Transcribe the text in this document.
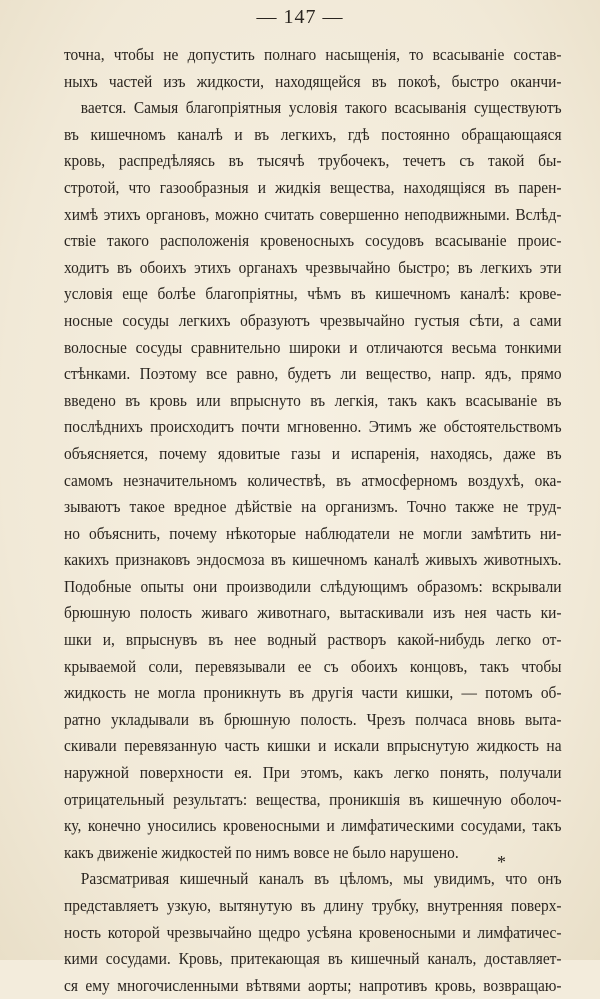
— 147 —
точна, чтобы не допустить полнаго насыщенія, то всасываніе состав-
ныхъ частей изъ жидкости, находящейся въ покоѣ, быстро оканчи-
вается. Самыя благопріятныя условія такого всасыванія существуютъ
въ кишечномъ каналѣ и въ легкихъ, гдѣ постоянно обращающаяся
кровь, распредѣляясь въ тысячѣ трубочекъ, течетъ съ такой бы-
стротой, что газообразныя и жидкія вещества, находящіяся въ парен-
химѣ этихъ органовъ, можно считать совершенно неподвижными. Вслѣд-
ствіе такого расположенія кровеносныхъ сосудовъ всасываніе проис-
ходитъ въ обоихъ этихъ органахъ чрезвычайно быстро; въ легкихъ эти
условія еще болѣе благопріятны, чѣмъ въ кишечномъ каналѣ: крове-
носные сосуды легкихъ образуютъ чрезвычайно густыя сѣти, а сами
волосные сосуды сравнительно широки и отличаются весьма тонкими
стѣнками. Поэтому все равно, будетъ ли вещество, напр. ядъ, прямо
введено въ кровь или впрыснуто въ легкія, такъ какъ всасываніе въ
послѣднихъ происходитъ почти мгновенно. Этимъ же обстоятельствомъ
объясняется, почему ядовитые газы и испаренія, находясь, даже въ
самомъ незначительномъ количествѣ, въ атмосферномъ воздухѣ, ока-
зываютъ такое вредное дѣйствіе на организмъ. Точно также не труд-
но объяснить, почему нѣкоторые наблюдатели не могли замѣтить ни-
какихъ признаковъ эндосмоза въ кишечномъ каналѣ живыхъ животныхъ.
Подобные опыты они производили слѣдующимъ образомъ: вскрывали
брюшную полость живаго животнаго, вытаскивали изъ нея часть ки-
шки и, впрыснувъ въ нее водный растворъ какой-нибудь легко от-
крываемой соли, перевязывали ее съ обоихъ концовъ, такъ чтобы
жидкость не могла проникнуть въ другія части кишки, — потомъ об-
ратно укладывали въ брюшную полость. Чрезъ полчаса вновь выта-
скивали перевязанную часть кишки и искали впрыснутую жидкость на
наружной поверхности ея. При этомъ, какъ легко понять, получали
отрицательный результатъ: вещества, проникшія въ кишечную оболоч-
ку, конечно уносились кровеносными и лимфатическими сосудами, такъ
какъ движеніе жидкостей по нимъ вовсе не было нарушено.
Разсматривая кишечный каналъ въ цѣломъ, мы увидимъ, что онъ
представляетъ узкую, вытянутую въ длину трубку, внутренняя поверх-
ность которой чрезвычайно щедро усѣяна кровеносными и лимфатичес-
кими сосудами. Кровь, притекающая въ кишечный каналъ, доставляет-
ся ему многочисленными вѣтвями аорты; напротивъ кровь, возвращаю-
*
